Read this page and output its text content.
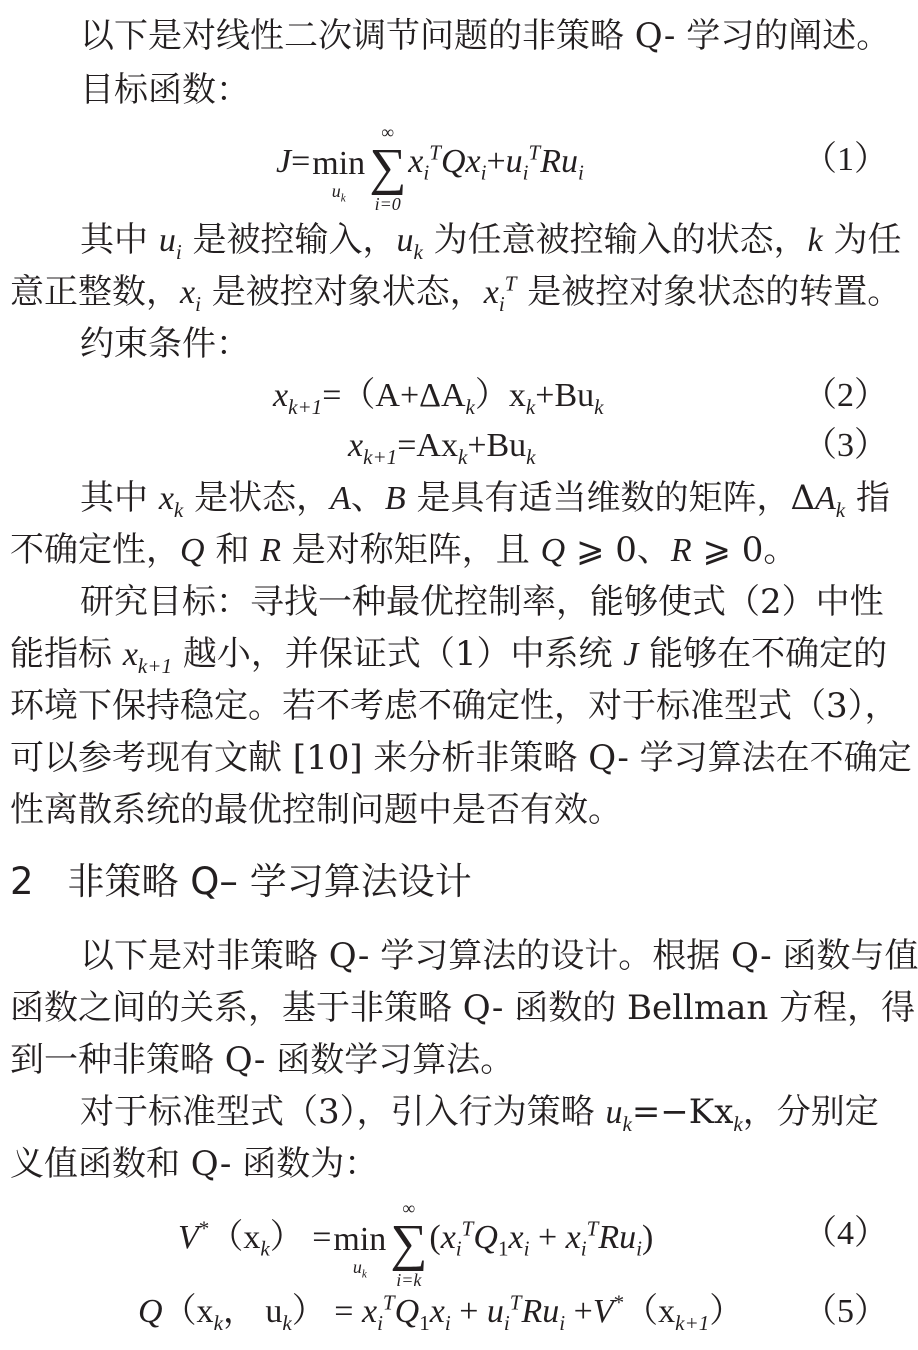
以下是对线性二次调节问题的非策略 Q- 学习的阐述。
目标函数：
J= min
$u_k$
∞
∑
i=0
$x_i^TQx_i+u_i^TRu_i$	（1）
其中 $u_i$ 是被控输入，$u_k$ 为任意被控输入的状态，k 为任
意正整数，$x_i$ 是被控对象状态，$x_i^T$ 是被控对象状态的转置。
约束条件：
$x_{k+1}=(A+\Delta A_k)x_k+Bu_k$	（2）
$x_{k+1}=Ax_k+Bu_k$	（3）
其中 $x_k$ 是状态，A、B 是具有适当维数的矩阵，$\Delta A_k$ 指
不确定性，Q 和 R 是对称矩阵，且 Q ⩾ 0、R ⩾ 0。
研究目标：寻找一种最优控制率，能够使式（2）中性
能指标 $x_{k+1}$ 越小，并保证式（1）中系统 J 能够在不确定的
环境下保持稳定。若不考虑不确定性，对于标准型式（3），
可以参考现有文献 [10] 来分析非策略 Q- 学习算法在不确定
性离散系统的最优控制问题中是否有效。
2 非策略 Q– 学习算法设计
以下是对非策略 Q- 学习算法的设计。根据 Q- 函数与值
函数之间的关系，基于非策略 Q- 函数的 Bellman 方程，得
到一种非策略 Q- 函数学习算法。
对于标准型式（3），引入行为策略 $u_k=-Kx_k$，分别定
义值函数和 Q- 函数为：
$V^*(x_k) = \min$
$u_k$
∞
∑
i=k
$(x_i^TQ_1x_i + x_i^TRu_i)$	（4）
$Q(x_k$， $u_k) = x_i^TQ_1x_i + u_i^TRu_i +V^*(x_{k+1})$ （5）
